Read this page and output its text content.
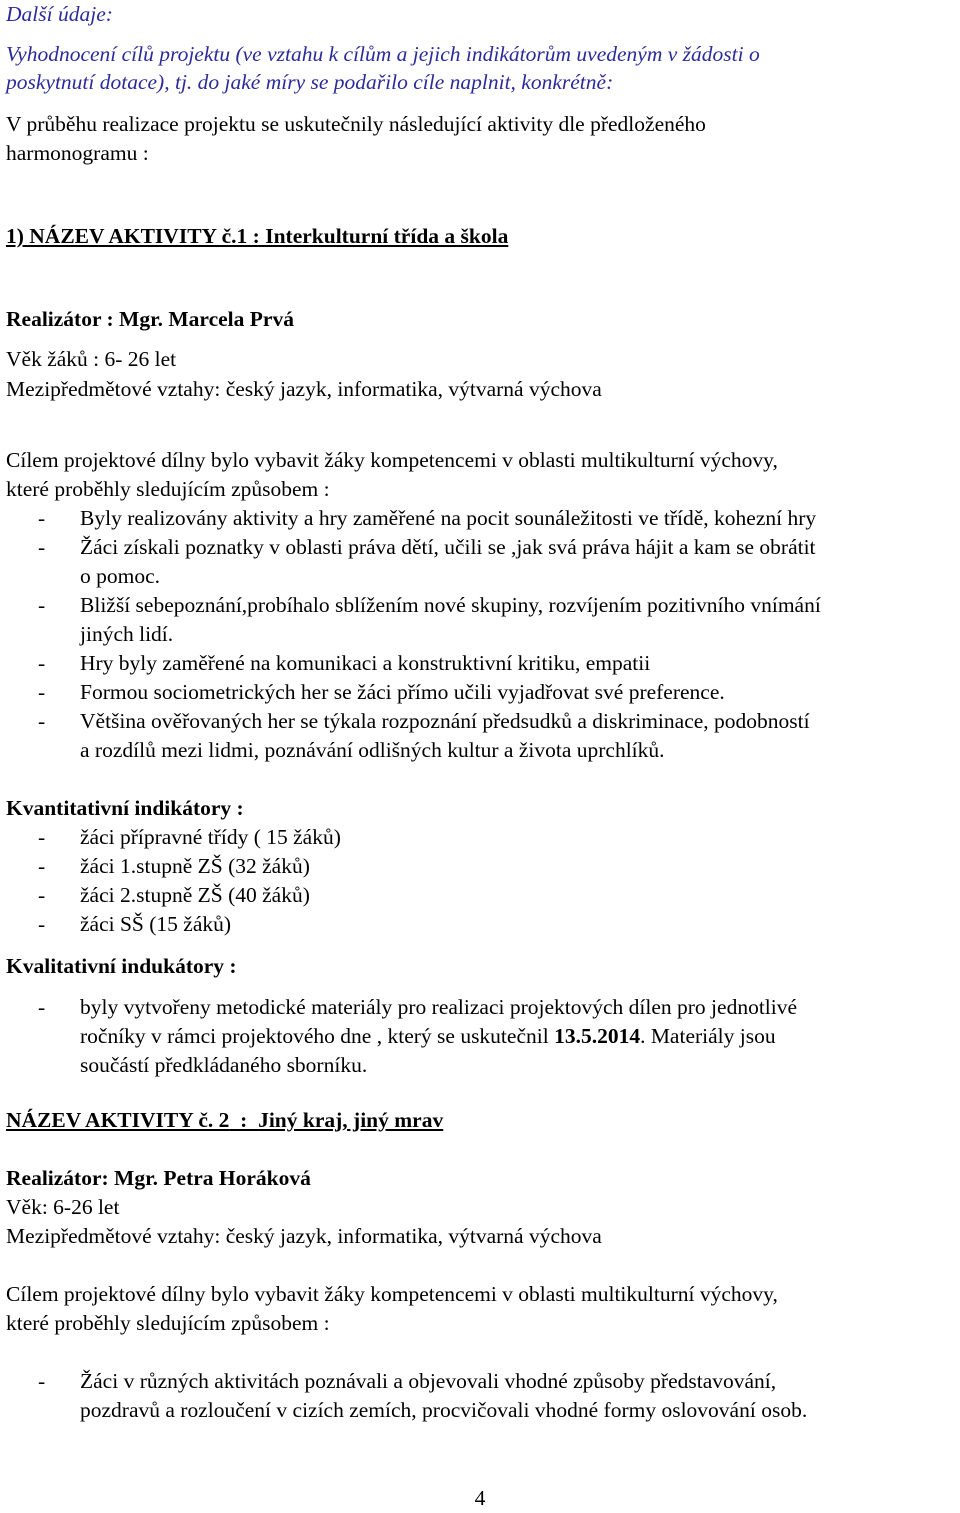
Další údaje:
Vyhodnocení cílů projektu (ve vztahu k cílům a jejich indikátorům uvedeným v žádosti o
poskytnutí dotace), tj. do jaké míry se podařilo cíle naplnit, konkrétně:
V průběhu realizace projektu se uskutečnily následující aktivity dle předloženého
harmonogramu :
1) NÁZEV AKTIVITY č.1 : Interkulturní třída a škola
Realizátor : Mgr. Marcela Prvá
Věk žáků : 6- 26 let
Mezipředmětové vztahy: český jazyk, informatika, výtvarná výchova
Cílem projektové dílny bylo vybavit žáky kompetencemi v oblasti multikulturní výchovy,
které proběhly sledujícím způsobem :
- Byly realizovány aktivity a hry zaměřené na pocit sounáležitosti ve třídě, kohezní hry
- Žáci získali poznatky v oblasti práva dětí, učili se ,jak svá práva hájit a kam se obrátit
o pomoc.
- Bližší sebepoznání,probíhalo sblížením nové skupiny, rozvíjením pozitivního vnímání
jiných lidí.
- Hry byly zaměřené na komunikaci a konstruktivní kritiku, empatii
- Formou sociometrických her se žáci přímo učili vyjadřovat své preference.
- Většina ověřovaných her se týkala rozpoznání předsudků a diskriminace, podobností
a rozdílů mezi lidmi, poznávání odlišných kultur a života uprchlíků.
Kvantitativní indikátory :
- žáci přípravné třídy ( 15 žáků)
- žáci 1.stupně ZŠ (32 žáků)
- žáci 2.stupně ZŠ (40 žáků)
- žáci SŠ (15 žáků)
Kvalitativní indukátory :
- byly vytvořeny metodické materiály pro realizaci projektových dílen pro jednotlivé
ročníky v rámci projektového dne , který se uskutečnil 13.5.2014. Materiály jsou
součástí předkládaného sborníku.
NÁZEV AKTIVITY č. 2  :  Jiný kraj, jiný mrav
Realizátor: Mgr. Petra Horáková
Věk: 6-26 let
Mezipředmětové vztahy: český jazyk, informatika, výtvarná výchova
Cílem projektové dílny bylo vybavit žáky kompetencemi v oblasti multikulturní výchovy,
které proběhly sledujícím způsobem :
- Žáci v různých aktivitách poznávali a objevovali vhodné způsoby představování,
pozdravů a rozloučení v cizích zemích, procvičovali vhodné formy oslovování osob.
4
